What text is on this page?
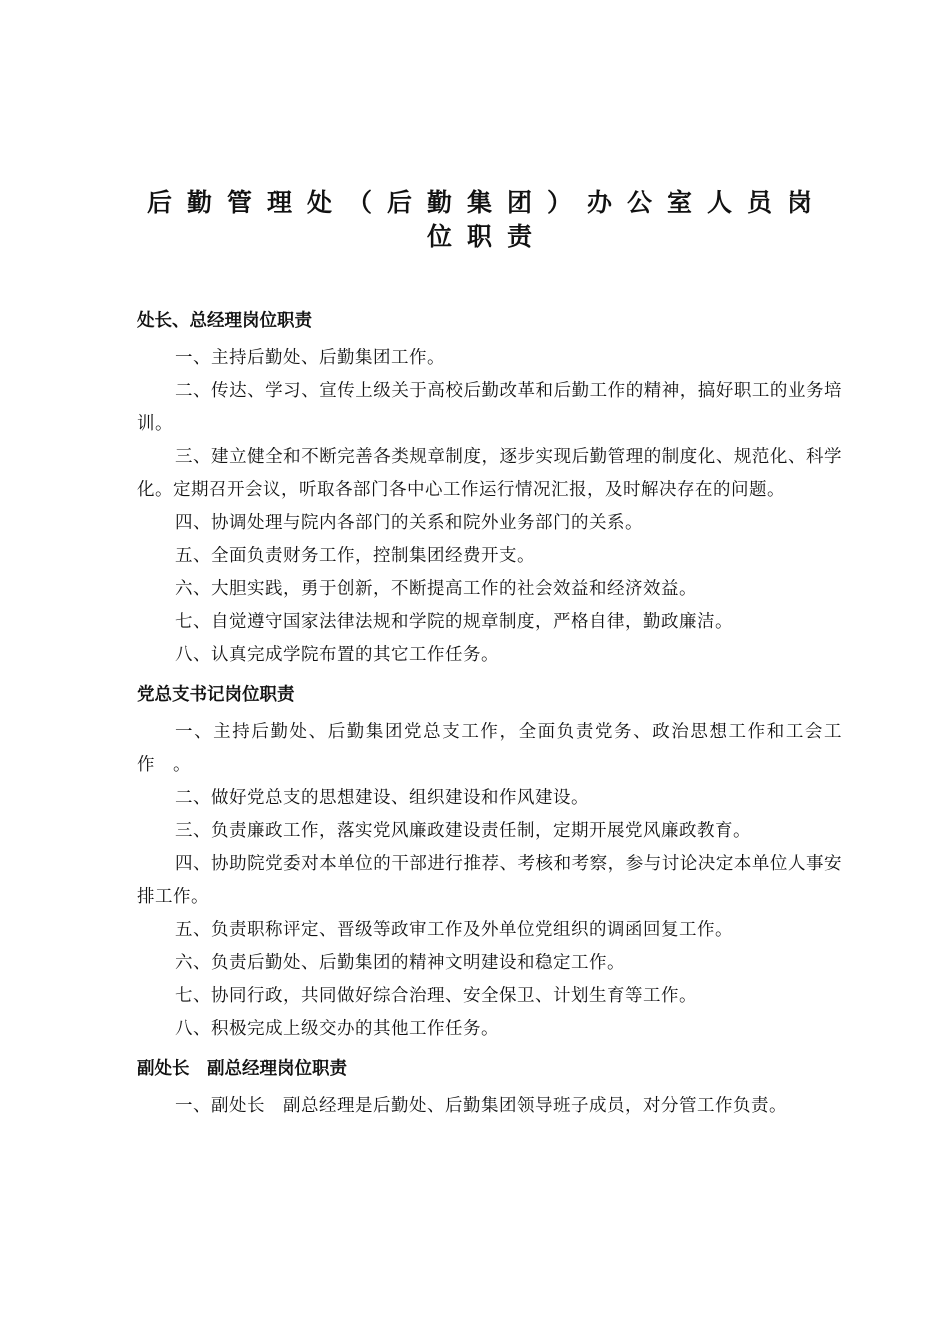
后勤管理处（后勤集团）办公室人员岗
位职责
处长、总经理岗位职责

一、主持后勤处、后勤集团工作。

二、传达、学习、宣传上级关于高校后勤改革和后勤工作的精神，搞好职工的业务培训。

三、建立健全和不断完善各类规章制度，逐步实现后勤管理的制度化、规范化、科学化。定期召开会议，听取各部门各中心工作运行情况汇报，及时解决存在的问题。

四、协调处理与院内各部门的关系和院外业务部门的关系。

五、全面负责财务工作，控制集团经费开支。

六、大胆实践，勇于创新，不断提高工作的社会效益和经济效益。

七、自觉遵守国家法律法规和学院的规章制度，严格自律，勤政廉洁。

八、认真完成学院布置的其它工作任务。

党总支书记岗位职责

一、主持后勤处、后勤集团党总支工作，全面负责党务、政治思想工作和工会工作　。

二、做好党总支的思想建设、组织建设和作风建设。

三、负责廉政工作，落实党风廉政建设责任制，定期开展党风廉政教育。

四、协助院党委对本单位的干部进行推荐、考核和考察，参与讨论决定本单位人事安排工作。

五、负责职称评定、晋级等政审工作及外单位党组织的调函回复工作。

六、负责后勤处、后勤集团的精神文明建设和稳定工作。

七、协同行政，共同做好综合治理、安全保卫、计划生育等工作。

八、积极完成上级交办的其他工作任务。

副处长　副总经理岗位职责

一、副处长　副总经理是后勤处、后勤集团领导班子成员，对分管工作负责。
